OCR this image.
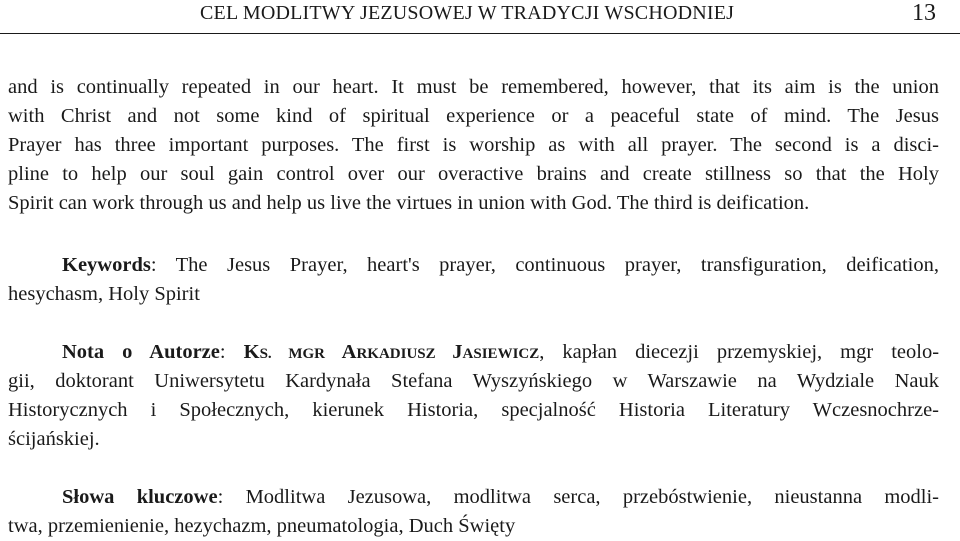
CEL MODLITWY JEZUSOWEJ W TRADYCJI WSCHODNIEJ	13
and is continually repeated in our heart. It must be remembered, however, that its aim is the union
with Christ and not some kind of spiritual experience or a peaceful state of mind. The Jesus
Prayer has three important purposes. The first is worship as with all prayer. The second is a disci-
pline to help our soul gain control over our overactive brains and create stillness so that the Holy
Spirit can work through us and help us live the virtues in union with God. The third is deification.
Keywords: The Jesus Prayer, heart's prayer, continuous prayer, transfiguration, deification,
hesychasm, Holy Spirit
Nota o Autorze: KS. MGR ARKADIUSZ JASIEWICZ, kapłan diecezji przemyskiej, mgr teolo-
gii, doktorant Uniwersytetu Kardynała Stefana Wyszyńskiego w Warszawie na Wydziale Nauk
Historycznych i Społecznych, kierunek Historia, specjalność Historia Literatury Wczesnochrze-
ścijańskiej.
Słowa kluczowe: Modlitwa Jezusowa, modlitwa serca, przebóstwienie, nieustanna modli-
twa, przemienienie, hezychazm, pneumatologia, Duch Święty
